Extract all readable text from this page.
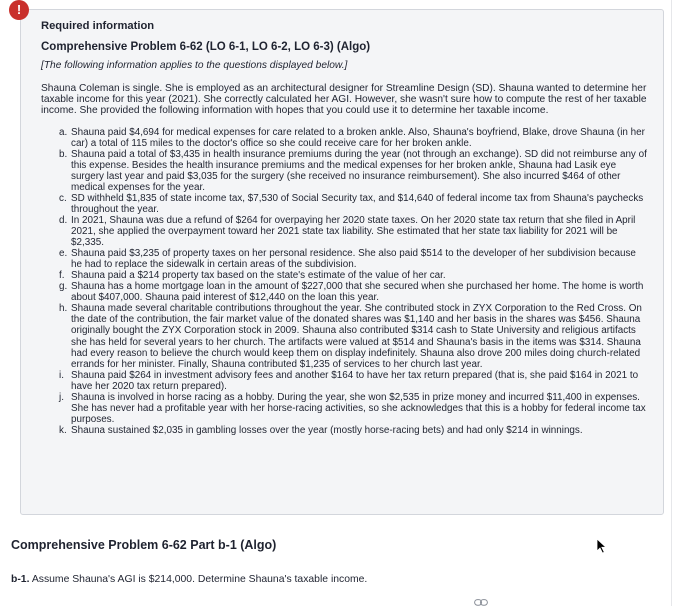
!

Required information

Comprehensive Problem 6-62 (LO 6-1, LO 6-2, LO 6-3) (Algo)

[The following information applies to the questions displayed below.]

Shauna Coleman is single. She is employed as an architectural designer for Streamline Design (SD). Shauna wanted to determine her taxable income for this year (2021). She correctly calculated her AGI. However, she wasn't sure how to compute the rest of her taxable income. She provided the following information with hopes that you could use it to determine her taxable income.

a. Shauna paid $4,694 for medical expenses for care related to a broken ankle. Also, Shauna's boyfriend, Blake, drove Shauna (in her car) a total of 115 miles to the doctor's office so she could receive care for her broken ankle.
b. Shauna paid a total of $3,435 in health insurance premiums during the year (not through an exchange). SD did not reimburse any of this expense. Besides the health insurance premiums and the medical expenses for her broken ankle, Shauna had Lasik eye surgery last year and paid $3,035 for the surgery (she received no insurance reimbursement). She also incurred $464 of other medical expenses for the year.
c. SD withheld $1,835 of state income tax, $7,530 of Social Security tax, and $14,640 of federal income tax from Shauna's paychecks throughout the year.
d. In 2021, Shauna was due a refund of $264 for overpaying her 2020 state taxes. On her 2020 state tax return that she filed in April 2021, she applied the overpayment toward her 2021 state tax liability. She estimated that her state tax liability for 2021 will be $2,335.
e. Shauna paid $3,235 of property taxes on her personal residence. She also paid $514 to the developer of her subdivision because he had to replace the sidewalk in certain areas of the subdivision.
f. Shauna paid a $214 property tax based on the state's estimate of the value of her car.
g. Shauna has a home mortgage loan in the amount of $227,000 that she secured when she purchased her home. The home is worth about $407,000. Shauna paid interest of $12,440 on the loan this year.
h. Shauna made several charitable contributions throughout the year. She contributed stock in ZYX Corporation to the Red Cross. On the date of the contribution, the fair market value of the donated shares was $1,140 and her basis in the shares was $456. Shauna originally bought the ZYX Corporation stock in 2009. Shauna also contributed $314 cash to State University and religious artifacts she has held for several years to her church. The artifacts were valued at $514 and Shauna's basis in the items was $314. Shauna had every reason to believe the church would keep them on display indefinitely. Shauna also drove 200 miles doing church-related errands for her minister. Finally, Shauna contributed $1,235 of services to her church last year.
i. Shauna paid $264 in investment advisory fees and another $164 to have her tax return prepared (that is, she paid $164 in 2021 to have her 2020 tax return prepared).
j. Shauna is involved in horse racing as a hobby. During the year, she won $2,535 in prize money and incurred $11,400 in expenses. She has never had a profitable year with her horse-racing activities, so she acknowledges that this is a hobby for federal income tax purposes.
k. Shauna sustained $2,035 in gambling losses over the year (mostly horse-racing bets) and had only $214 in winnings.

Comprehensive Problem 6-62 Part b-1 (Algo)

b-1. Assume Shauna's AGI is $214,000. Determine Shauna's taxable income.
